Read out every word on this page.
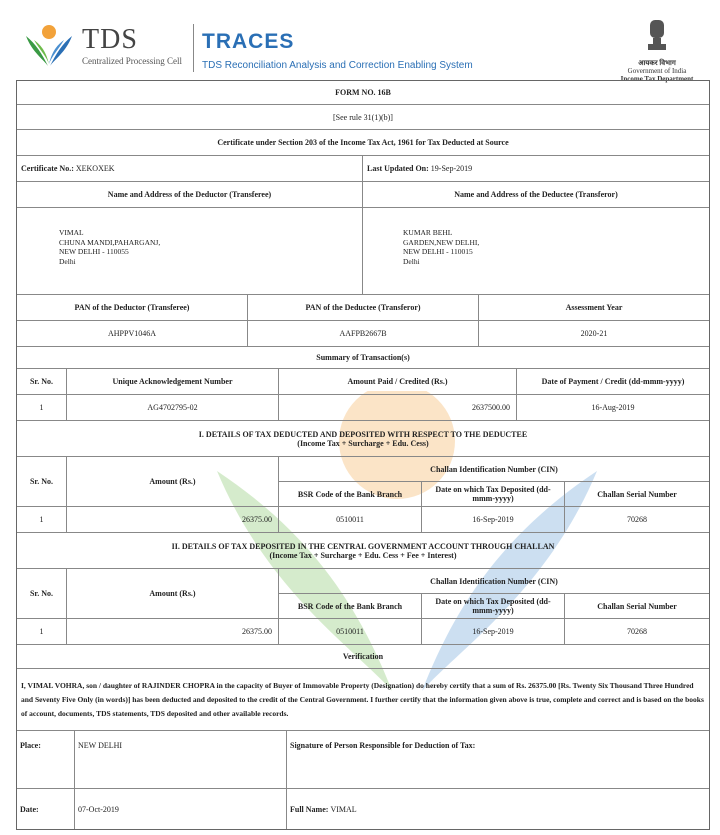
TDS
Centralized Processing Cell
TRACES
TDS Reconciliation Analysis and Correction Enabling System	आयकर विभाग
Government of India
Income Tax Department
FORM NO. 16B
[See rule 31(1)(b)]
Certificate under Section 203 of the Income Tax Act, 1961 for Tax Deducted at Source
Certificate No.:
XEKOXEK	Last Updated On:
19-Sep-2019
Name and Address of the Deductor (Transferee)	Name and Address of the Deductee (Transferor)
VIMAL
CHUNA MANDI,PAHARGANJ,
NEW DELHI - 110055
Delhi
KUMAR BEHL
GARDEN,NEW DELHI,
NEW DELHI - 110015
Delhi
PAN of the Deductor (Transferee)	PAN of the Deductee (Transferor)	Assessment Year
AHPPV1046A	AAFPB2667B	2020-21
Summary of Transaction(s)
Sr. No.	Unique Acknowledgement Number	Amount Paid / Credited (Rs.)	Date of Payment / Credit (dd-mmm-yyyy)
1	AG4702795-02	2637500.00	16-Aug-2019
I. DETAILS OF TAX DEDUCTED AND DEPOSITED WITH RESPECT TO THE DEDUCTEE
(Income Tax + Surcharge + Edu. Cess)
Sr. No.	Amount (Rs.)
Challan Identification Number (CIN)
BSR Code of the Bank Branch	Date on which Tax Deposited (dd-mmm-yyyy)	Challan Serial Number
1	26375.00	0510011	16-Sep-2019	70268
II. DETAILS OF TAX DEPOSITED IN THE CENTRAL GOVERNMENT ACCOUNT THROUGH CHALLAN
(Income Tax + Surcharge + Edu. Cess + Fee + Interest)
Sr. No.	Amount (Rs.)
Challan Identification Number (CIN)
BSR Code of the Bank Branch	Date on which Tax Deposited (dd-mmm-yyyy)	Challan Serial Number
1	26375.00	0510011	16-Sep-2019	70268
Verification
I, VIMAL VOHRA, son / daughter of RAJINDER CHOPRA in the capacity of Buyer of Immovable Property (Designation) do hereby certify that a sum of Rs. 26375.00 [Rs. Twenty Six Thousand Three Hundred and Seventy Five Only (in words)] has been deducted and deposited to the credit of the Central Government. I further certify that the information given above is true, complete and correct and is based on the books of account, documents, TDS statements, TDS deposited and other available records.
Place:	NEW DELHI	Signature of Person Responsible for Deduction of Tax:
Date:	07-Oct-2019	Full Name:
VIMAL
